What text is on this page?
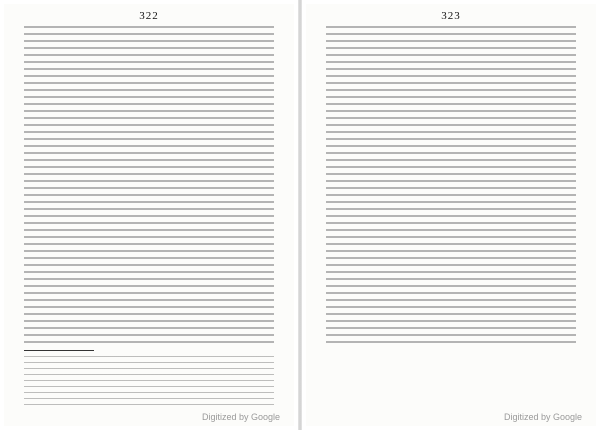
322
Digitized by Google
323
Digitized by Google
